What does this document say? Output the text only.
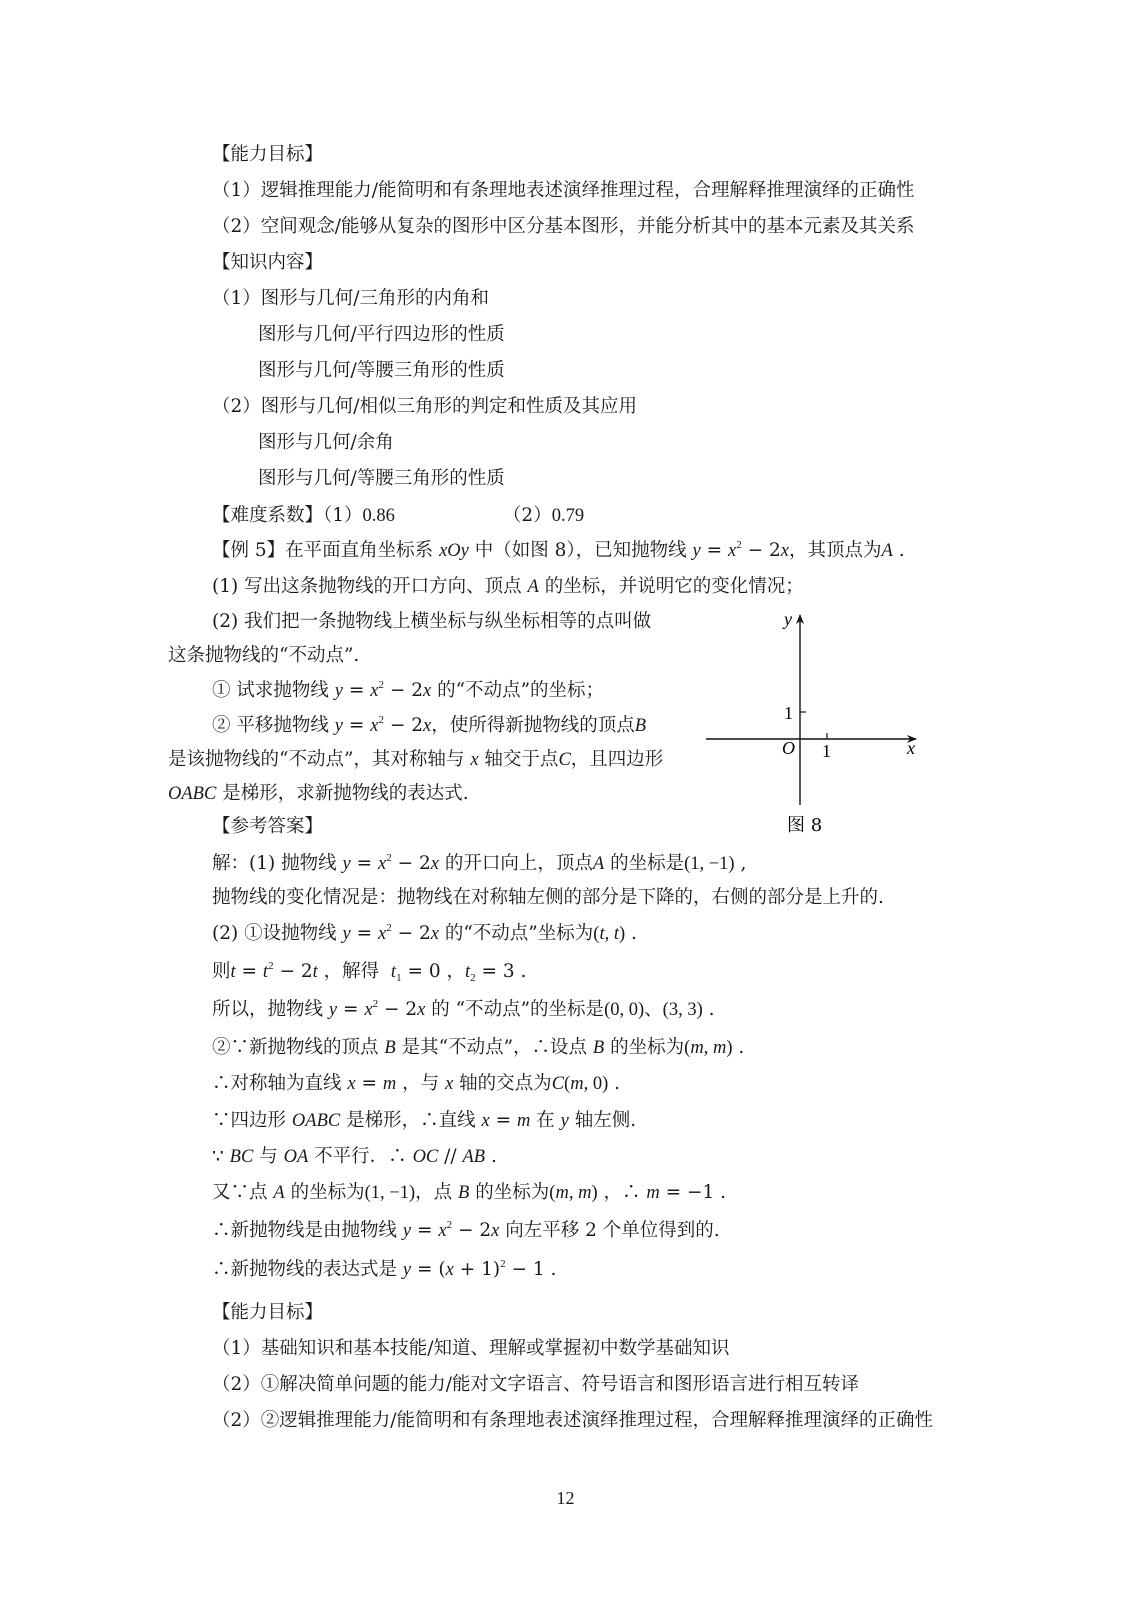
【能力目标】
（1）逻辑推理能力/能简明和有条理地表述演绎推理过程，合理解释推理演绎的正确性
（2）空间观念/能够从复杂的图形中区分基本图形，并能分析其中的基本元素及其关系
【知识内容】
（1）图形与几何/三角形的内角和
图形与几何/平行四边形的性质
图形与几何/等腰三角形的性质
（2）图形与几何/相似三角形的判定和性质及其应用
图形与几何/余角
图形与几何/等腰三角形的性质
【难度系数】（1）0.86	（2）0.79
【例 5】在平面直角坐标系 xOy 中（如图 8），已知抛物线 $y = x^2 - 2x$，其顶点为A .
(1) 写出这条抛物线的开口方向、顶点 A 的坐标，并说明它的变化情况；
(2) 我们把一条抛物线上横坐标与纵坐标相等的点叫做
这条抛物线的“不动点”.
① 试求抛物线 $y = x^2 - 2x$ 的“不动点”的坐标；
② 平移抛物线 $y = x^2 - 2x$，使所得新抛物线的顶点B
是该抛物线的“不动点”，其对称轴与 x 轴交于点C，且四边形
OABC 是梯形，求新抛物线的表达式.
y
x
O
1
1
图 8
【参考答案】
解：(1) 抛物线 $y = x^2 - 2x$ 的开口向上，顶点A 的坐标是(1, −1) ,
抛物线的变化情况是：抛物线在对称轴左侧的部分是下降的，右侧的部分是上升的.
(2) ①设抛物线 $y = x^2 - 2x$ 的“不动点”坐标为(t, t) .
则$t = t^2 - 2t$ ，解得 $t_1 = 0$ ，$t_2 = 3$ .
所以，抛物线 $y = x^2 - 2x$ 的 “不动点”的坐标是(0, 0)、(3, 3) .
②∵新抛物线的顶点 B 是其“不动点”，∴设点 B 的坐标为(m, m) .
∴对称轴为直线 x = m ，与 x 轴的交点为C(m, 0) .
∵四边形 OABC 是梯形，∴直线 x = m 在 y 轴左侧.
∵ BC 与 OA 不平行．∴ OC // AB .
又∵点 A 的坐标为(1, −1)，点 B 的坐标为(m, m) ，∴ m = −1 .
∴新抛物线是由抛物线 $y = x^2 - 2x$ 向左平移 2 个单位得到的.
∴新抛物线的表达式是 $y = (x + 1)^2 - 1$ .
【能力目标】
（1）基础知识和基本技能/知道、理解或掌握初中数学基础知识
（2）①解决简单问题的能力/能对文字语言、符号语言和图形语言进行相互转译
（2）②逻辑推理能力/能简明和有条理地表述演绎推理过程，合理解释推理演绎的正确性
12
